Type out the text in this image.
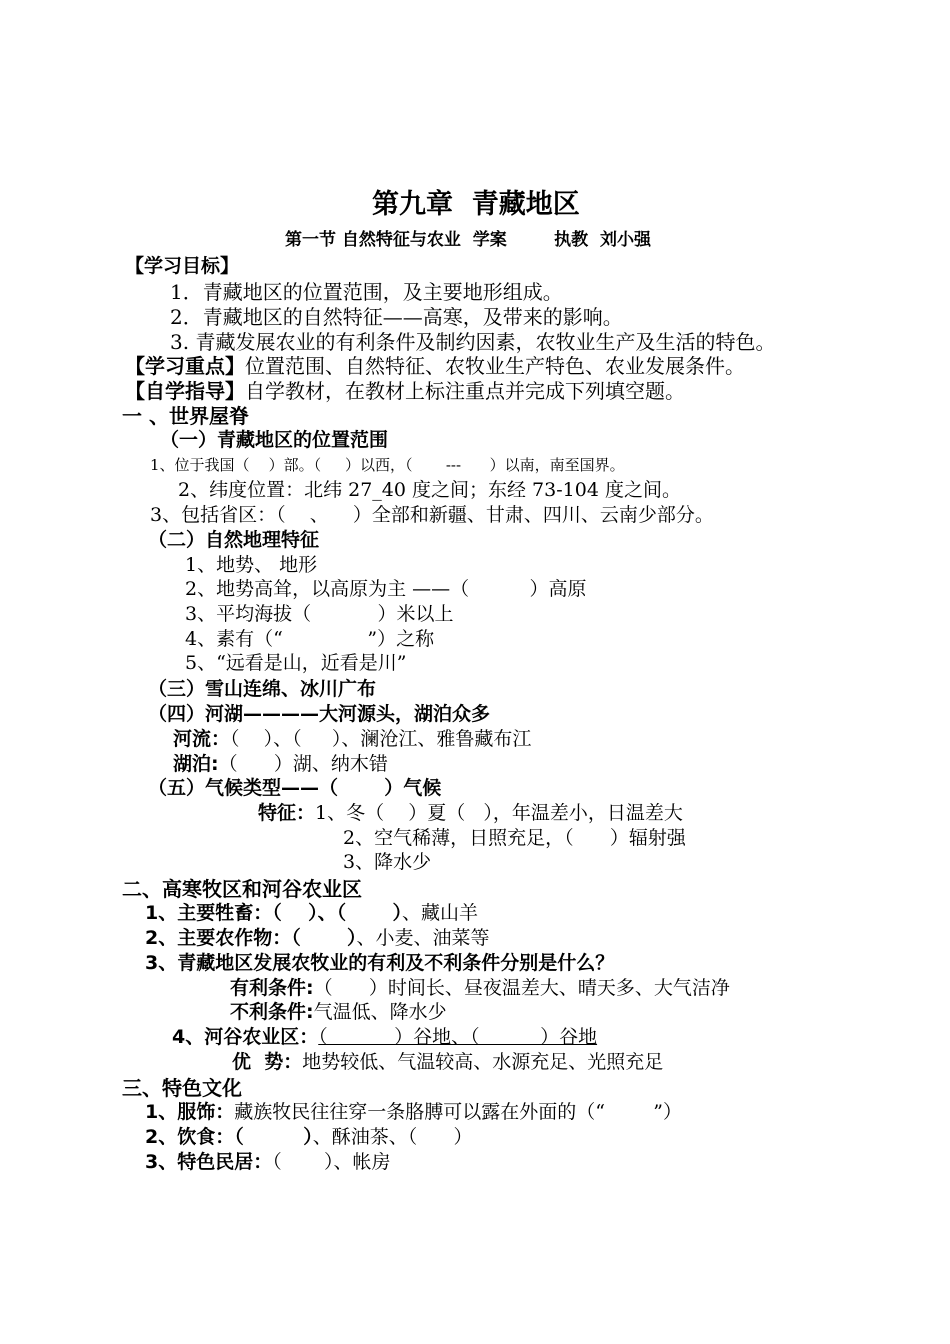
第九章  青藏地区
第一节 自然特征与农业  学案        执教  刘小强
【学习目标】
1．青藏地区的位置范围，及主要地形组成。
2．青藏地区的自然特征——高寒，及带来的影响。
3. 青藏发展农业的有利条件及制约因素，农牧业生产及生活的特色。
【学习重点】位置范围、自然特征、农牧业生产特色、农业发展条件。
【自学指导】自学教材，在教材上标注重点并完成下列填空题。
一 、世界屋脊
（一）青藏地区的位置范围
1、位于我国（    ）部。（     ）以西，（       ---      ）以南，南至国界。
2、纬度位置：北纬 27_40 度之间；东经 73-104 度之间。
3、包括省区：（    、    ）全部和新疆、甘肃、四川、云南少部分。
（二）自然地理特征
1、地势、 地形
2、地势高耸，以高原为主 ——（          ）高原
3、平均海拔（           ）米以上
4、素有（“              ”）之称
5、“远看是山，近看是川”
（三）雪山连绵、冰川广布
（四）河湖————大河源头，湖泊众多
河流：（    ）、（     ）、澜沧江、雅鲁藏布江
湖泊:（      ）湖、纳木错
（五）气候类型——（       ）气候
特征：1、冬（    ）夏（   ），年温差小，日温差大
2、空气稀薄，日照充足，（      ）辐射强
3、降水少
二、高寒牧区和河谷农业区
1、主要牲畜：（    ）、（       ）、藏山羊
2、主要农作物：（       ）、小麦、油菜等
3、青藏地区发展农牧业的有利及不利条件分别是什么？
有利条件:（      ）时间长、昼夜温差大、晴天多、大气洁净
不利条件:气温低、降水少
4、河谷农业区：（           ）谷地、（          ）谷地
优  势：地势较低、气温较高、水源充足、光照充足
三、特色文化
1、服饰：藏族牧民往往穿一条胳膊可以露在外面的（“        ”）
2、饮食：（         ）、酥油茶、（      ）
3、特色民居：（       ）、帐房
